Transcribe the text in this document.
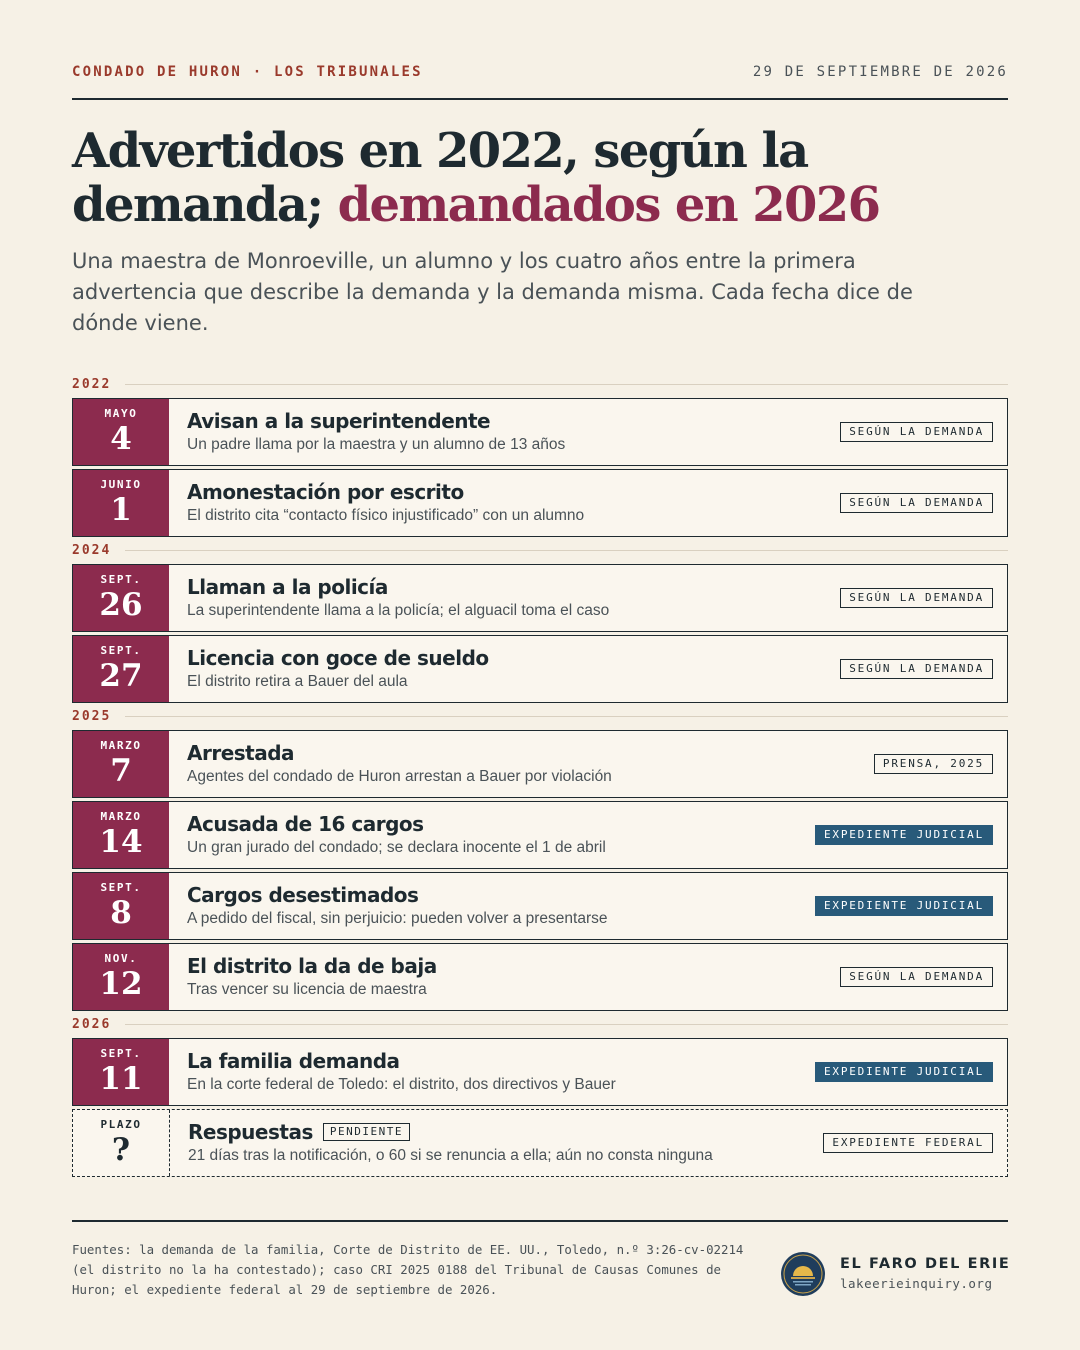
CONDADO DE HURON · LOS TRIBUNALES	29 DE SEPTIEMBRE DE 2026
Advertidos en 2022, según la demanda; demandados en 2026

Una maestra de Monroeville, un alumno y los cuatro años entre la primera advertencia que describe la demanda y la demanda misma. Cada fecha dice de dónde viene.

2022
MAYO
4	Avisan a la superintendente
Un padre llama por la maestra y un alumno de 13 años
SEGÚN LA DEMANDA
JUNIO
1	Amonestación por escrito
El distrito cita “contacto físico injustificado” con un alumno
SEGÚN LA DEMANDA
2024
SEPT.
26 Llaman a la policía
La superintendente llama a la policía; el alguacil toma el caso
SEGÚN LA DEMANDA
SEPT.
27 Licencia con goce de sueldo
El distrito retira a Bauer del aula
SEGÚN LA DEMANDA
2025
MARZO
7	Arrestada
Agentes del condado de Huron arrestan a Bauer por violación
PRENSA, 2025
MARZO
14 Acusada de 16 cargos
Un gran jurado del condado; se declara inocente el 1 de abril
EXPEDIENTE JUDICIAL
SEPT.
8	Cargos desestimados
A pedido del fiscal, sin perjuicio: pueden volver a presentarse
EXPEDIENTE JUDICIAL
NOV.
12 El distrito la da de baja
Tras vencer su licencia de maestra
SEGÚN LA DEMANDA
2026
SEPT.
11 La familia demanda
En la corte federal de Toledo: el distrito, dos directivos y Bauer
EXPEDIENTE JUDICIAL
PLAZO
?	Respuestas	PENDIENTE
21 días tras la notificación, o 60 si se renuncia a ella; aún no consta ninguna
EXPEDIENTE FEDERAL

Fuentes: la demanda de la familia, Corte de Distrito de EE. UU., Toledo, n.º 3:26-cv-02214 (el distrito no la ha contestado); caso CRI 2025 0188 del Tribunal de Causas Comunes de Huron; el expediente federal al 29 de septiembre de 2026.

EL FARO DEL ERIE
lakeerieinquiry.org
